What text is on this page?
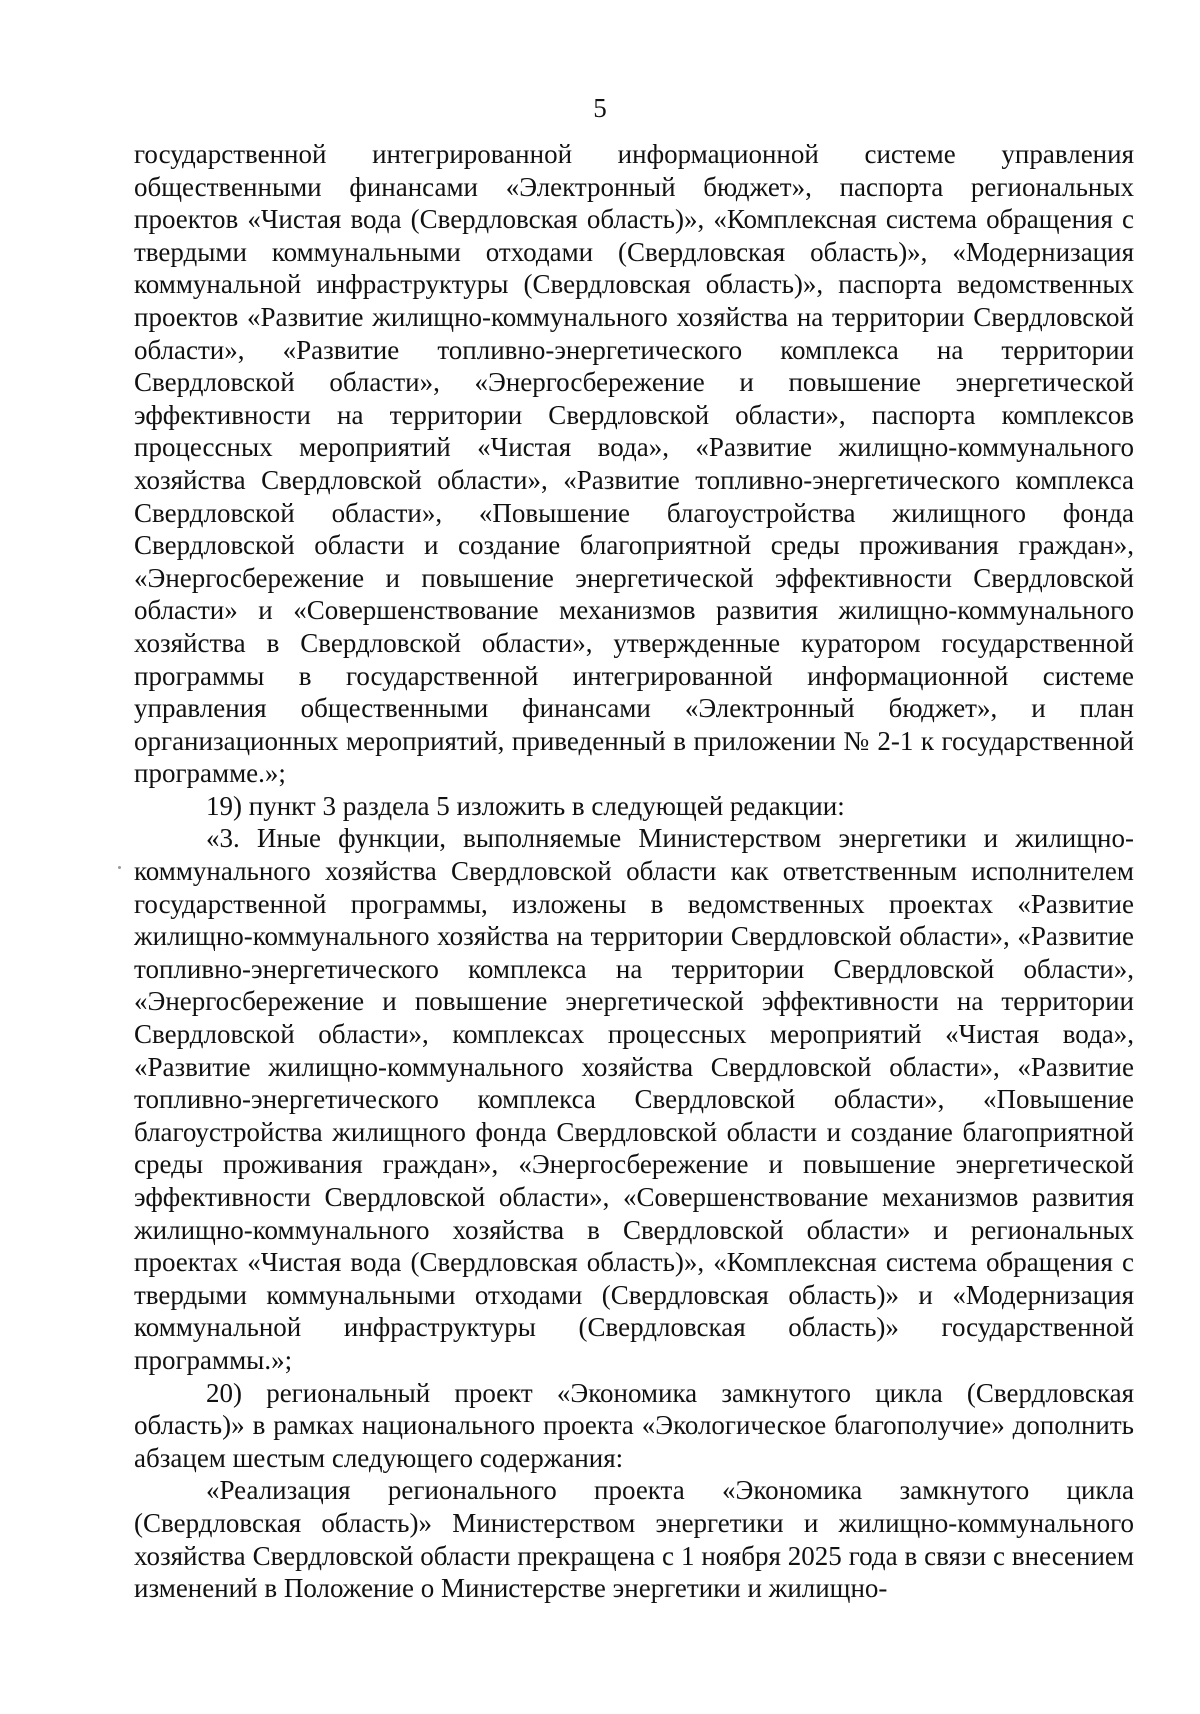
5

государственной интегрированной информационной системе управления общественными финансами «Электронный бюджет», паспорта региональных проектов «Чистая вода (Свердловская область)», «Комплексная система обращения с твердыми коммунальными отходами (Свердловская область)», «Модернизация коммунальной инфраструктуры (Свердловская область)», паспорта ведомственных проектов «Развитие жилищно-коммунального хозяйства на территории Свердловской области», «Развитие топливно-энергетического комплекса на территории Свердловской области», «Энергосбережение и повышение энергетической эффективности на территории Свердловской области», паспорта комплексов процессных мероприятий «Чистая вода», «Развитие жилищно-коммунального хозяйства Свердловской области», «Развитие топливно-энергетического комплекса Свердловской области», «Повышение благоустройства жилищного фонда Свердловской области и создание благоприятной среды проживания граждан», «Энергосбережение и повышение энергетической эффективности Свердловской области» и «Совершенствование механизмов развития жилищно-коммунального хозяйства в Свердловской области», утвержденные куратором государственной программы в государственной интегрированной информационной системе управления общественными финансами «Электронный бюджет», и план организационных мероприятий, приведенный в приложении № 2-1 к государственной программе.»;

19) пункт 3 раздела 5 изложить в следующей редакции:

«3. Иные функции, выполняемые Министерством энергетики и жилищно-коммунального хозяйства Свердловской области как ответственным исполнителем государственной программы, изложены в ведомственных проектах «Развитие жилищно-коммунального хозяйства на территории Свердловской области», «Развитие топливно-энергетического комплекса на территории Свердловской области», «Энергосбережение и повышение энергетической эффективности на территории Свердловской области», комплексах процессных мероприятий «Чистая вода», «Развитие жилищно-коммунального хозяйства Свердловской области», «Развитие топливно-энергетического комплекса Свердловской области», «Повышение благоустройства жилищного фонда Свердловской области и создание благоприятной среды проживания граждан», «Энергосбережение и повышение энергетической эффективности Свердловской области», «Совершенствование механизмов развития жилищно-коммунального хозяйства в Свердловской области» и региональных проектах «Чистая вода (Свердловская область)», «Комплексная система обращения с твердыми коммунальными отходами (Свердловская область)» и «Модернизация коммунальной инфраструктуры (Свердловская область)» государственной программы.»;

20) региональный проект «Экономика замкнутого цикла (Свердловская область)» в рамках национального проекта «Экологическое благополучие» дополнить абзацем шестым следующего содержания:

«Реализация регионального проекта «Экономика замкнутого цикла (Свердловская область)» Министерством энергетики и жилищно-коммунального хозяйства Свердловской области прекращена с 1 ноября 2025 года в связи с внесением изменений в Положение о Министерстве энергетики и жилищно-
